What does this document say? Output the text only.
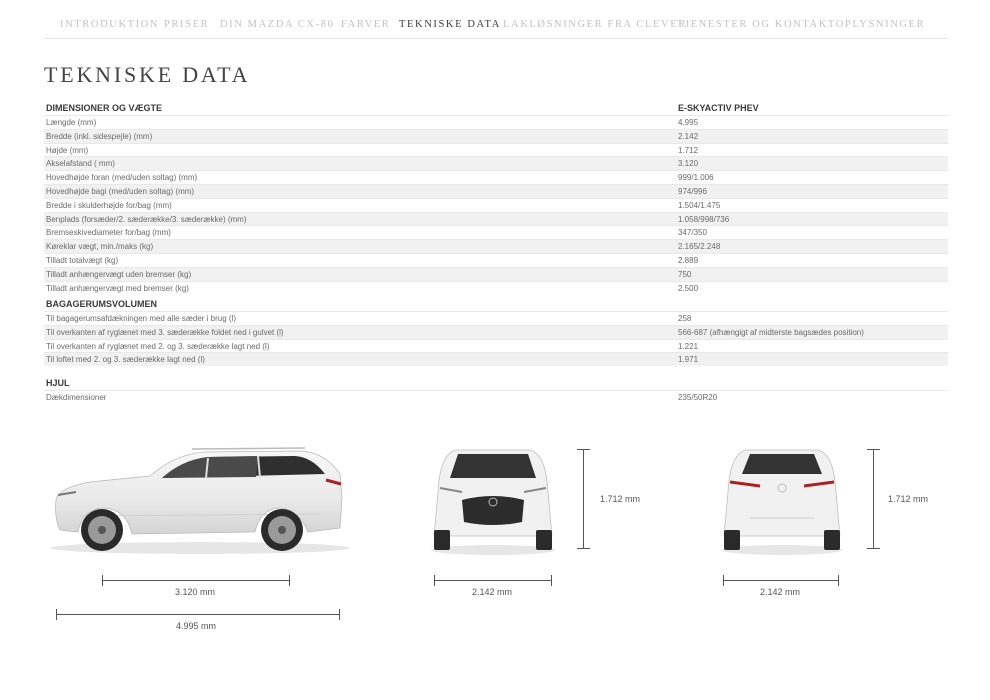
INTRODUKTION PRISER DIN MAZDA CX-80 FARVER TEKNISKE DATA LAKLØSNINGER FRA CLEVER
TJENESTER OG KONTAKTOPLYSNINGER
TEKNISKE DATA
DIMENSIONER OG VÆGTE	E-SKYACTIV PHEV
Længde (mm)	4.995
Bredde (inkl. sidespejle) (mm)	2.142
Højde (mm)	1.712
Akselafstand ( mm)	3.120
Hovedhøjde foran (med/uden soltag) (mm)	999/1.006
Hovedhøjde bagi (med/uden soltag) (mm)	974/996
Bredde i skulderhøjde for/bag (mm)	1.504/1.475
Benplads (forsæder/2. sæderække/3. sæderække) (mm)	1.058/998/736
Bremseskivediameter for/bag (mm)	347/350
Køreklar vægt, min./maks (kg)	2.165/2.248
Tilladt totalvægt (kg)	2.889
Tilladt anhængervægt uden bremser (kg)	750
Tilladt anhængervægt med bremser (kg)	2.500
BAGAGERUMSVOLUMEN
Til bagagerumsafdækningen med alle sæder i brug (l)	258
Til overkanten af ryglænet med 3. sæderække foldet ned i gulvet (l)	566-687 (afhængigt af midterste bagsædes position)
Til overkanten af ryglænet med 2. og 3. sæderække lagt ned (l)	1.221
Til loftet med 2. og 3. sæderække lagt ned (l)	1.971
HJUL
Dækdimensioner	235/50R20
3.120 mm
4.995 mm
2.142 mm
1.712 mm
2.142 mm
1.712 mm
